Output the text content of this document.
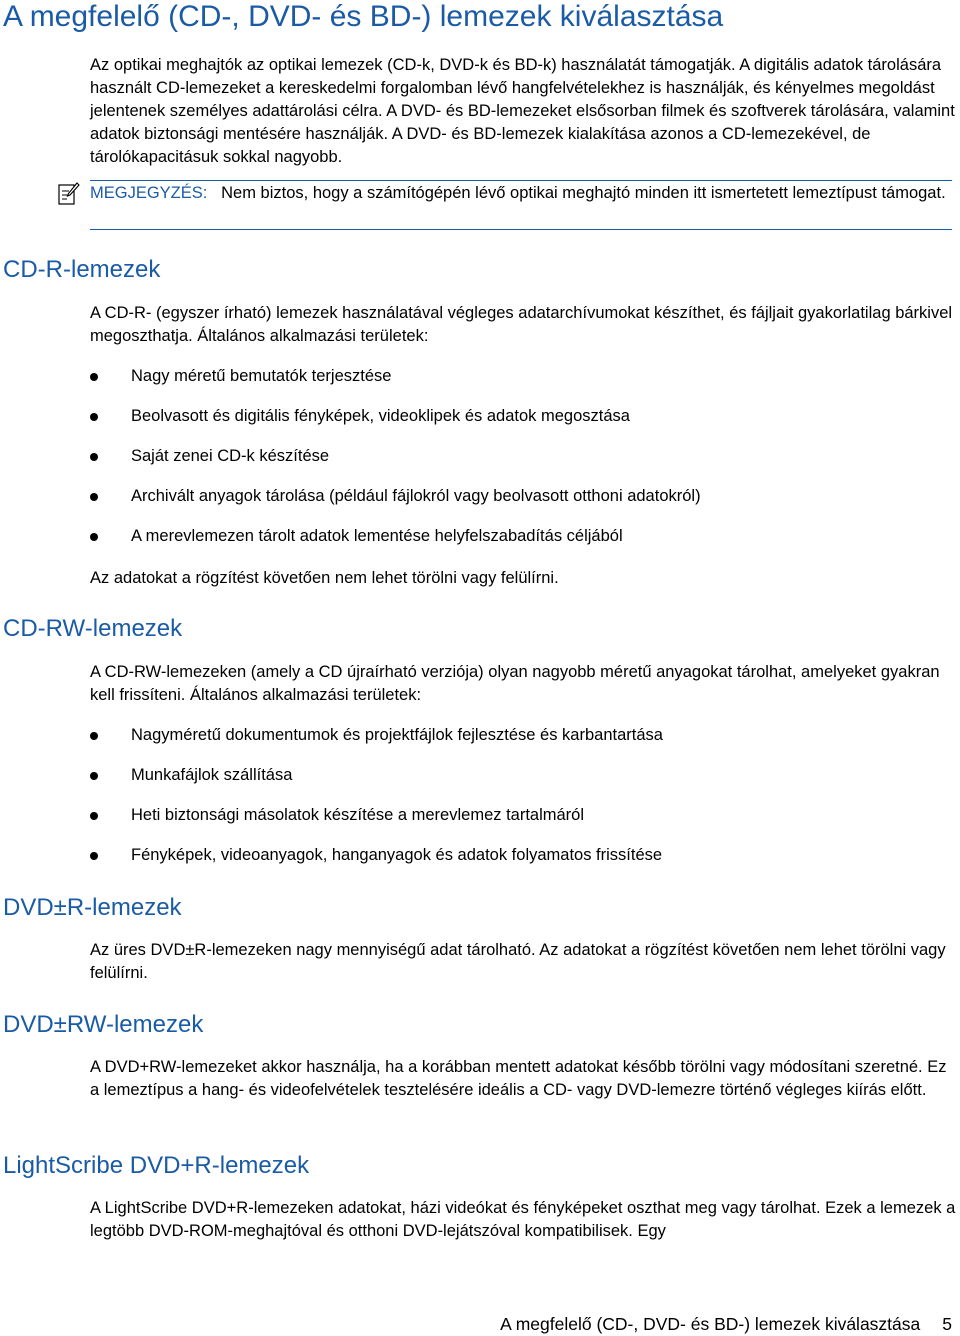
A megfelelő (CD-, DVD- és BD-) lemezek kiválasztása
Az optikai meghajtók az optikai lemezek (CD-k, DVD-k és BD-k) használatát támogatják. A digitális adatok tárolására használt CD-lemezeket a kereskedelmi forgalomban lévő hangfelvételekhez is használják, és kényelmes megoldást jelentenek személyes adattárolási célra. A DVD- és BD-lemezeket elsősorban filmek és szoftverek tárolására, valamint adatok biztonsági mentésére használják. A DVD- és BD-lemezek kialakítása azonos a CD-lemezekével, de tárolókapacitásuk sokkal nagyobb.
MEGJEGYZÉS: Nem biztos, hogy a számítógépén lévő optikai meghajtó minden itt ismertetett lemeztípust támogat.
CD-R-lemezek
A CD-R- (egyszer írható) lemezek használatával végleges adatarchívumokat készíthet, és fájljait gyakorlatilag bárkivel megoszthatja. Általános alkalmazási területek:
Nagy méretű bemutatók terjesztése
Beolvasott és digitális fényképek, videoklipek és adatok megosztása
Saját zenei CD-k készítése
Archivált anyagok tárolása (például fájlokról vagy beolvasott otthoni adatokról)
A merevlemezen tárolt adatok lementése helyfelszabadítás céljából
Az adatokat a rögzítést követően nem lehet törölni vagy felülírni.
CD-RW-lemezek
A CD-RW-lemezeken (amely a CD újraírható verziója) olyan nagyobb méretű anyagokat tárolhat, amelyeket gyakran kell frissíteni. Általános alkalmazási területek:
Nagyméretű dokumentumok és projektfájlok fejlesztése és karbantartása
Munkafájlok szállítása
Heti biztonsági másolatok készítése a merevlemez tartalmáról
Fényképek, videoanyagok, hanganyagok és adatok folyamatos frissítése
DVD±R-lemezek
Az üres DVD±R-lemezeken nagy mennyiségű adat tárolható. Az adatokat a rögzítést követően nem lehet törölni vagy felülírni.
DVD±RW-lemezek
A DVD+RW-lemezeket akkor használja, ha a korábban mentett adatokat később törölni vagy módosítani szeretné. Ez a lemeztípus a hang- és videofelvételek tesztelésére ideális a CD- vagy DVD-lemezre történő végleges kiírás előtt.
LightScribe DVD+R-lemezek
A LightScribe DVD+R-lemezeken adatokat, házi videókat és fényképeket oszthat meg vagy tárolhat. Ezek a lemezek a legtöbb DVD-ROM-meghajtóval és otthoni DVD-lejátszóval kompatibilisek. Egy
A megfelelő (CD-, DVD- és BD-) lemezek kiválasztása 5
